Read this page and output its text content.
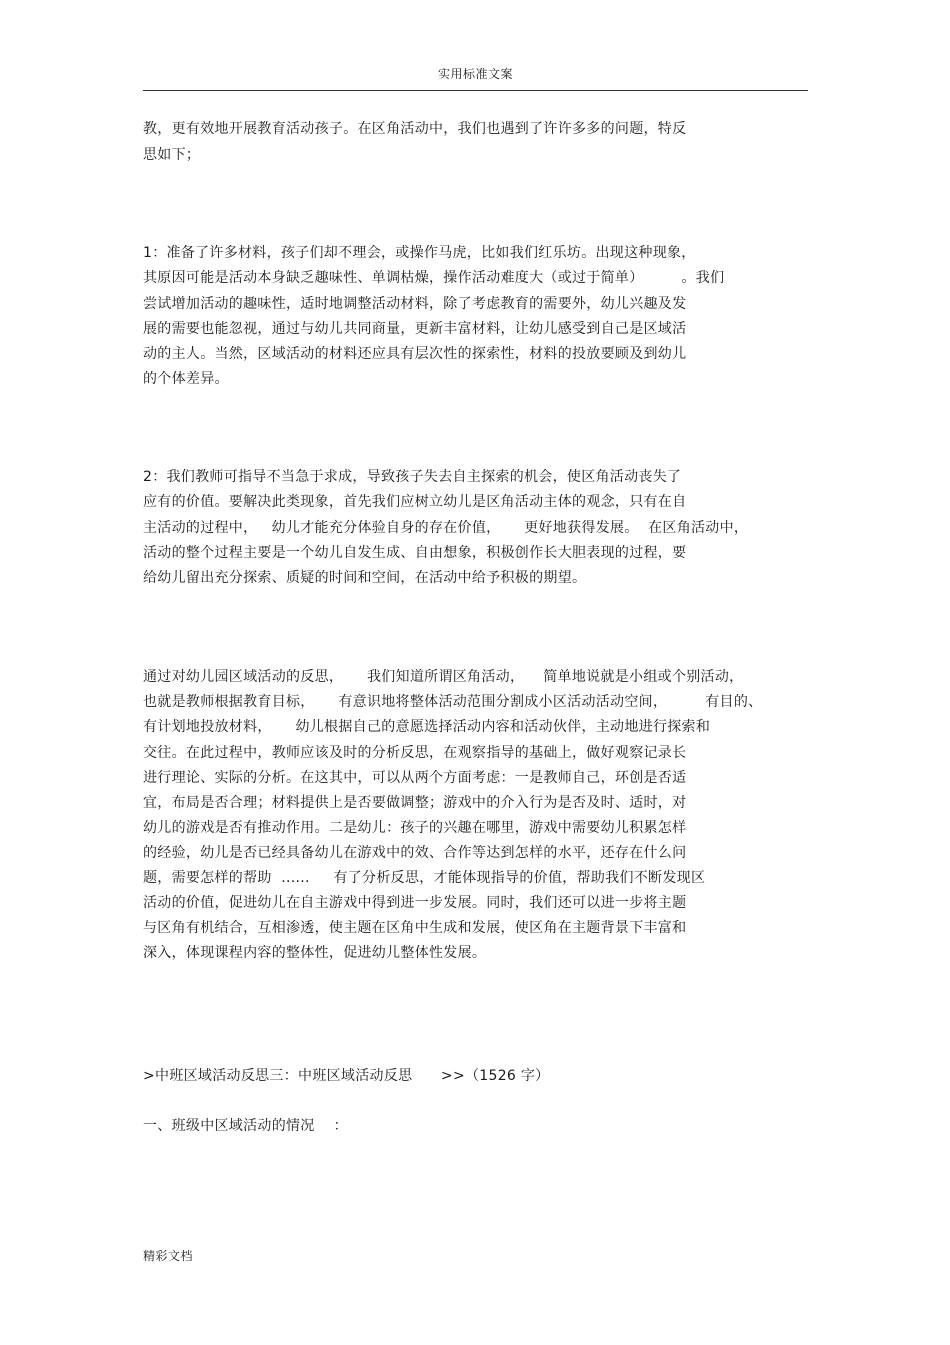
实用标准文案
教，更有效地开展教育活动孩子。在区角活动中，我们也遇到了许许多多的问题，特反
思如下；
1：准备了许多材料，孩子们却不理会，或操作马虎，比如我们红乐坊。出现这种现象，
其原因可能是活动本身缺乏趣味性、单调枯燥，操作活动难度大（或过于简单）        。我们
尝试增加活动的趣味性，适时地调整活动材料，除了考虑教育的需要外，幼儿兴趣及发
展的需要也能忽视，通过与幼儿共同商量，更新丰富材料，让幼儿感受到自己是区域活
动的主人。当然，区域活动的材料还应具有层次性的探索性，材料的投放要顾及到幼儿
的个体差异。
2：我们教师可指导不当急于求成，导致孩子失去自主探索的机会，使区角活动丧失了
应有的价值。要解决此类现象，首先我们应树立幼儿是区角活动主体的观念，只有在自
主活动的过程中，   幼儿才能充分体验自身的存在价值，     更好地获得发展。  在区角活动中，
活动的整个过程主要是一个幼儿自发生成、自由想象，积极创作长大胆表现的过程，要
给幼儿留出充分探索、质疑的时间和空间，在活动中给予积极的期望。
通过对幼儿园区域活动的反思，     我们知道所谓区角活动，    简单地说就是小组或个别活动，
也就是教师根据教育目标，     有意识地将整体活动范围分割成小区活动活动空间，        有目的、
有计划地投放材料，     幼儿根据自己的意愿选择活动内容和活动伙伴，主动地进行探索和
交往。在此过程中，教师应该及时的分析反思，在观察指导的基础上，做好观察记录长
进行理论、实际的分析。在这其中，可以从两个方面考虑：一是教师自己，环创是否适
宜，布局是否合理；材料提供上是否要做调整；游戏中的介入行为是否及时、适时，对
幼儿的游戏是否有推动作用。二是幼儿：孩子的兴趣在哪里，游戏中需要幼儿积累怎样
的经验，幼儿是否已经具备幼儿在游戏中的效、合作等达到怎样的水平，还存在什么问
题，需要怎样的帮助  ......     有了分析反思，才能体现指导的价值，帮助我们不断发现区
活动的价值，促进幼儿在自主游戏中得到进一步发展。同时，我们还可以进一步将主题
与区角有机结合，互相渗透，使主题在区角中生成和发展，使区角在主题背景下丰富和
深入，体现课程内容的整体性，促进幼儿整体性发展。
>中班区域活动反思三：中班区域活动反思      >>（1526 字）
一、班级中区域活动的情况    ：
精彩文档
